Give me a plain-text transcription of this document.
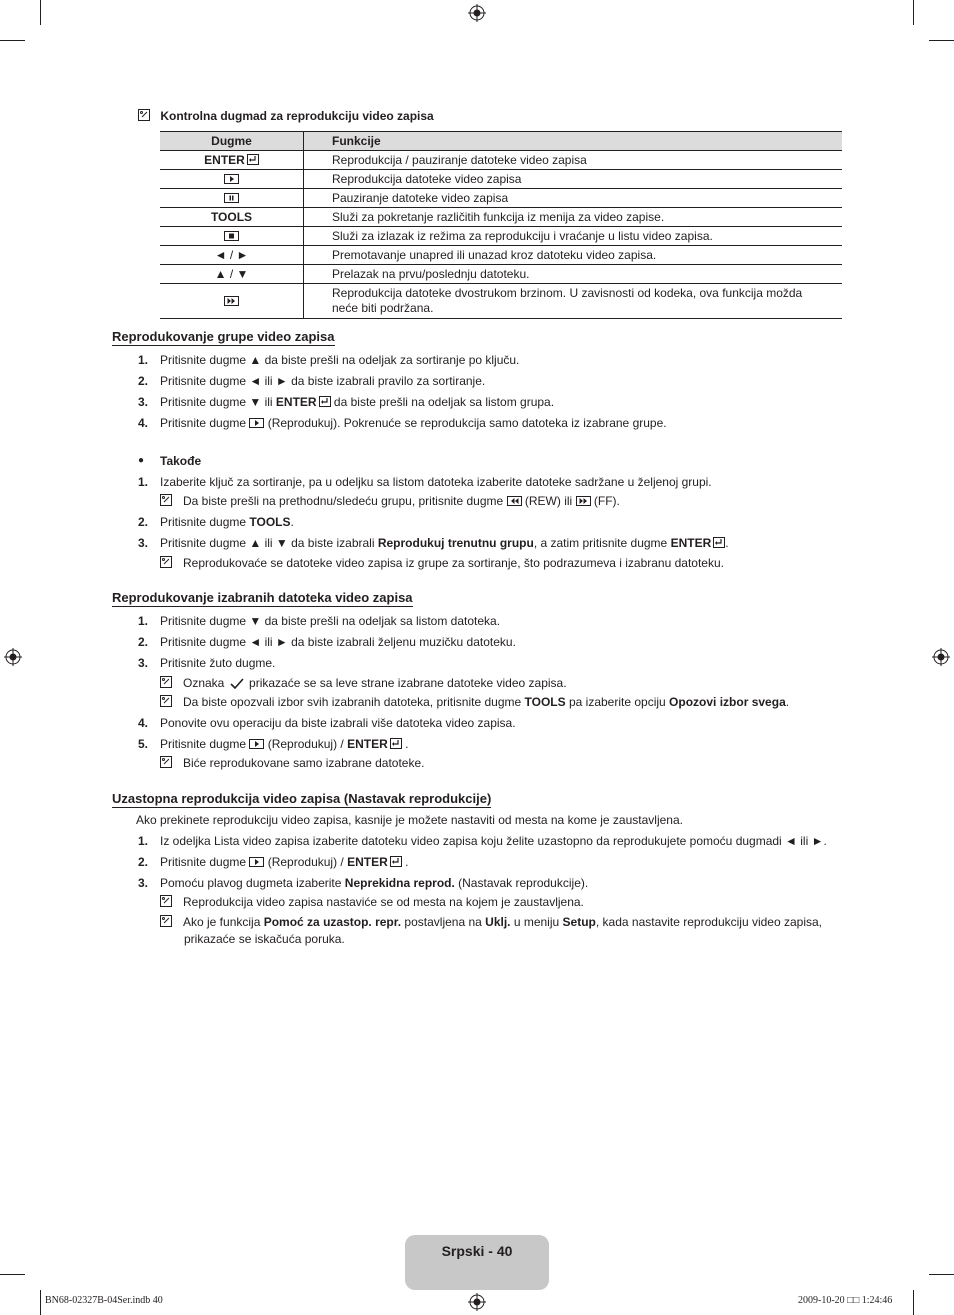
Kontrolna dugmad za reprodukciju video zapisa
Dugme	Funkcije
ENTER	Reprodukcija / pauziranje datoteke video zapisa

	Reprodukcija datoteke video zapisa

	Pauziranje datoteke video zapisa
TOOLS	Služi za pokretanje različitih funkcija iz menija za video zapise.

	Služi za izlazak iz režima za reprodukciju i vraćanje u listu video zapisa.
◄ / ►	Premotavanje unapred ili unazad kroz datoteku video zapisa.
▲ / ▼	Prelazak na prvu/poslednju datoteku.

	Reprodukcija datoteke dvostrukom brzinom. U zavisnosti od kodeka, ova funkcija možda
neće biti podržana.
Reprodukovanje grupe video zapisa
1. Pritisnite dugme ▲ da biste prešli na odeljak za sortiranje po ključu.
2. Pritisnite dugme ◄ ili ► da biste izabrali pravilo za sortiranje.
3. Pritisnite dugme ▼ ili ENTER
da biste prešli na odeljak sa listom grupa.
4. Pritisnite dugme
(Reprodukuj). Pokrenuće se reprodukcija samo datoteka iz izabrane grupe.
● Takođe
1. Izaberite ključ za sortiranje, pa u odeljku sa listom datoteka izaberite datoteke sadržane u željenoj grupi.
Da biste prešli na prethodnu/sledeću grupu, pritisnite dugme
(REW) ili
(FF).
2. Pritisnite dugme TOOLS.
3. Pritisnite dugme ▲ ili ▼ da biste izabrali Reprodukuj trenutnu grupu, a zatim pritisnite dugme ENTER .
Reprodukovaće se datoteke video zapisa iz grupe za sortiranje, što podrazumeva i izabranu datoteku.
Reprodukovanje izabranih datoteka video zapisa
1. Pritisnite dugme ▼ da biste prešli na odeljak sa listom datoteka.
2. Pritisnite dugme ◄ ili ► da biste izabrali željenu muzičku datoteku.
3. Pritisnite žuto dugme.
Oznaka  prikazaće se sa leve strane izabrane datoteke video zapisa.
Da biste opozvali izbor svih izabranih datoteka, pritisnite dugme TOOLS pa izaberite opciju Opozovi izbor svega.
4. Ponovite ovu operaciju da biste izabrali više datoteka video zapisa.
5. Pritisnite dugme
(Reprodukuj) / ENTER
.
Biće reprodukovane samo izabrane datoteke.
Uzastopna reprodukcija video zapisa (Nastavak reprodukcije)
Ako prekinete reprodukciju video zapisa, kasnije je možete nastaviti od mesta na kome je zaustavljena.
1. Iz odeljka Lista video zapisa izaberite datoteku video zapisa koju želite uzastopno da reprodukujete pomoću dugmadi ◄ ili ►.
2. Pritisnite dugme
(Reprodukuj) / ENTER
.
3. Pomoću plavog dugmeta izaberite Neprekidna reprod. (Nastavak reprodukcije).
Reprodukcija video zapisa nastaviće se od mesta na kojem je zaustavljena.
Ako je funkcija Pomoć za uzastop. repr. postavljena na Uklj. u meniju Setup, kada nastavite reprodukciju video zapisa,
prikazaće se iskačuća poruka.
Srpski - 40
BN68-02327B-04Ser.indb 40	2009-10-20 □□ 1:24:46
